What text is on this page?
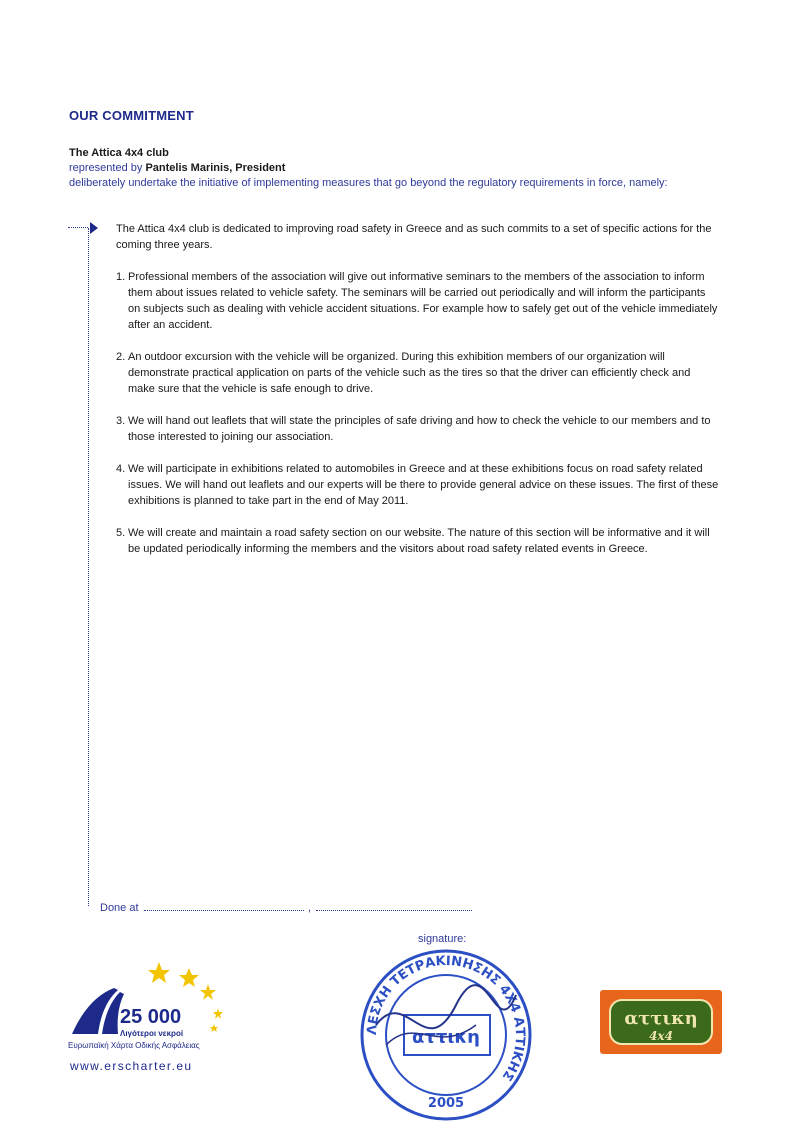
OUR COMMITMENT
The Attica 4x4 club
represented by Pantelis Marinis, President
deliberately undertake the initiative of implementing measures that go beyond the regulatory requirements in force, namely:

The Attica 4x4 club is dedicated to improving road safety in Greece and as such commits to a set of specific actions for the coming three years.

1. Professional members of the association will give out informative seminars to the members of the association to inform them about issues related to vehicle safety. The seminars will be carried out periodically and will inform the participants on subjects such as dealing with vehicle accident situations. For example how to safely get out of the vehicle immediately after an accident.
2. An outdoor excursion with the vehicle will be organized. During this exhibition members of our organization will demonstrate practical application on parts of the vehicle such as the tires so that the driver can efficiently check and make sure that the vehicle is safe enough to drive.
3. We will hand out leaflets that will state the principles of safe driving and how to check the vehicle to our members and to those interested to joining our association.
4. We will participate in exhibitions related to automobiles in Greece and at these exhibitions focus on road safety related issues. We will hand out leaflets and our experts will be there to provide general advice on these issues. The first of these exhibitions is planned to take part in the end of May 2011.
5. We will create and maintain a road safety section on our website. The nature of this section will be informative and it will be updated periodically informing the members and the visitors about road safety related events in Greece.
Done at	,
signature:
25 000
Λιγότεροι νεκροί
Ευρωπαϊκή Χάρτα Οδικής Ασφάλειας
www.erscharter.eu
ΛΕΣΧΗ ΤΕΤΡΑΚΙΝΗΣΗΣ 4Χ4 ΑΤΤΙΚΗΣ
αττικη
2005
αττικη
4x4
